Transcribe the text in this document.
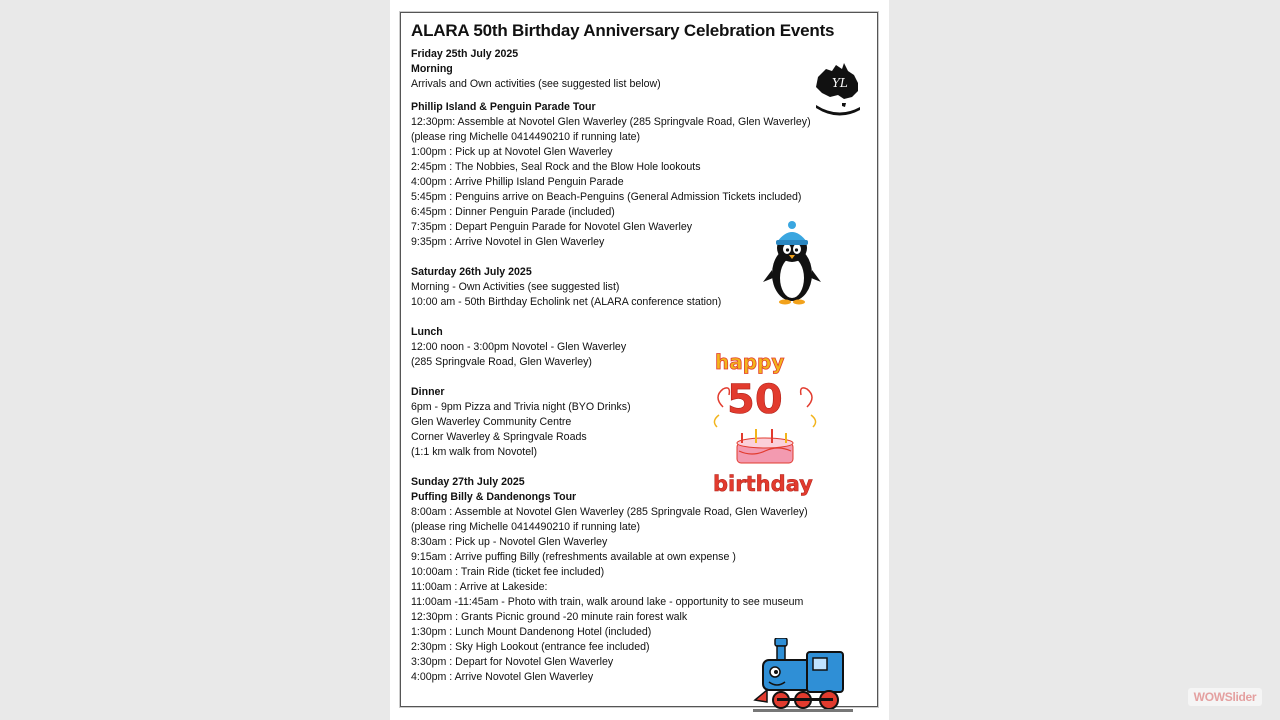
ALARA 50th Birthday Anniversary Celebration Events
Friday 25th July 2025
Morning
Arrivals and Own activities (see suggested list below)
Phillip Island & Penguin Parade Tour
12:30pm: Assemble at Novotel Glen Waverley (285 Springvale Road, Glen Waverley)
(please ring Michelle 0414490210 if running late)
1:00pm : Pick up at Novotel Glen Waverley
2:45pm : The Nobbies, Seal Rock and the Blow Hole lookouts
4:00pm : Arrive Phillip Island Penguin Parade
5:45pm : Penguins arrive on Beach-Penguins (General Admission Tickets included)
6:45pm : Dinner Penguin Parade (included)
7:35pm : Depart Penguin Parade for Novotel Glen Waverley
9:35pm : Arrive Novotel in Glen Waverley
Saturday 26th July 2025
Morning - Own Activities (see suggested list)
10:00 am - 50th Birthday Echolink net (ALARA conference station)
Lunch
12:00 noon - 3:00pm Novotel - Glen Waverley
(285 Springvale Road, Glen Waverley)
Dinner
6pm - 9pm Pizza and Trivia night (BYO Drinks)
Glen Waverley Community Centre
Corner Waverley & Springvale Roads
(1:1 km walk from Novotel)
Sunday 27th July 2025
Puffing Billy & Dandenongs Tour
8:00am : Assemble at Novotel Glen Waverley (285 Springvale Road, Glen Waverley)
(please ring Michelle 0414490210 if running late)
8:30am : Pick up - Novotel Glen Waverley
9:15am : Arrive puffing Billy (refreshments available at own expense )
10:00am : Train Ride (ticket fee included)
11:00am : Arrive at Lakeside:
11:00am -11:45am - Photo with train, walk around lake - opportunity to see museum
12:30pm : Grants Picnic ground -20 minute rain forest walk
1:30pm : Lunch Mount Dandenong Hotel (included)
2:30pm : Sky High Lookout (entrance fee included)
3:30pm : Depart for Novotel Glen Waverley
4:00pm : Arrive Novotel Glen Waverley
YL
happy
50
birthday
WOWSlider
